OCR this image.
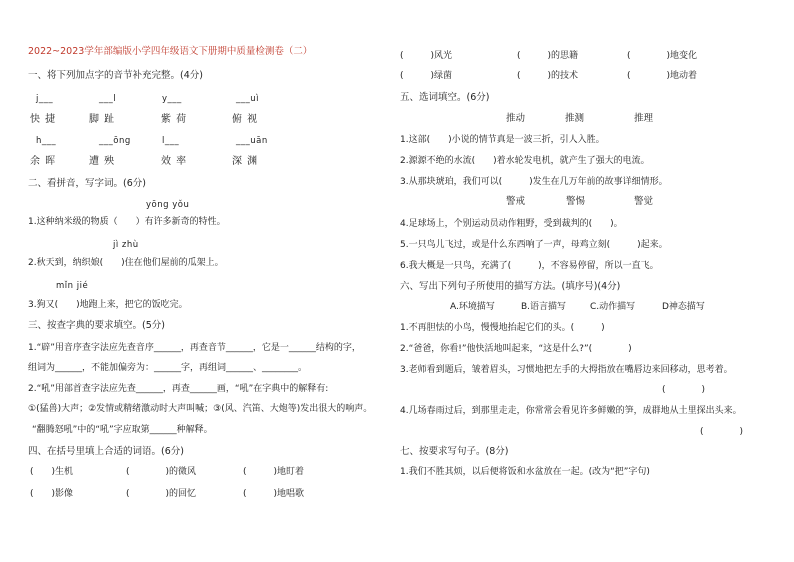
2022~2023学年部编版小学四年级语文下册期中质量检测卷（二）
一、将下列加点字的音节补充完整。(4分)
j___	___l	y___	___uì
快 捷	脚 趾	紫 荷	俯 视
h___	___ōng	l___	___uān
余 晖	遭 殃	效 率	深 渊
二、看拼音，写字词。(6分)
yōng yǒu
1.这种纳米级的物质（　　）有许多新奇的特性。
jì zhù
2.秋天到，纳织娘(　　)住在他们屋前的瓜架上。
mǐn jié
3.狗又(　　)地跑上来，把它的饭吃完。
三、按查字典的要求填空。(5分)
1.“辟”用音序查字法应先查音序______，再查音节______，它是一______结构的字，
组词为______，不能加偏旁为：______字，再组词______、________。
2.“吼”用部首查字法应先查______，再查______画，“吼”在字典中的解释有:
①(猛兽)大声；②发情或精绪激动时大声叫喊；③(风、汽笛、大炮等)发出很大的响声。
“翻腾怒吼”中的“吼”字应取第______种解释。
四、在括号里填上合适的词语。(6分)
(　　)生机	(　　　　)的微风	(　　　)地盯着
(　　)影像	(　　　　)的回忆	(　　　)地唱歌
(　　　)风光	(　　　)的思籍	(　　　　)地变化
(　　　)绿菌	(　　　)的技术	(　　　　)地动着
五、选词填空。(6分)
推动	推测	推理
1.这部(　　)小说的情节真是一波三折，引人入胜。
2.源源不绝的水流(　　)着水轮发电机，就产生了强大的电流。
3.从那块琥珀，我们可以(　　　)发生在几万年前的故事详细情形。
警戒	警惕	警觉
4.足球场上，个别运动员动作粗野，受到裁判的(　　)。
5.一只鸟儿飞过，或是什么东西响了一声，母鸡立刻(　　　)起来。
6.我大概是一只鸟，充满了(　　　)，不容易停留，所以一直飞。
六、写出下列句子所使用的描写方法。(填序号)(4分)
A.环境描写	B.语言描写	C.动作描写	D神态描写
1.不再胆怯的小鸟，慢慢地抬起它们的头。(　　　)
2.“爸爸，你看!”他快活地叫起来，“这是什么?”(　　　　)
3.老师看到题后，皱着眉头，习惯地把左手的大拇指放在嘴唇边来回移动，思考着。
(　　　　)
4.几场春雨过后，到那里走走，你常常会看见许多鲜嫩的笋，成群地从土里探出头来。
(　　　　)
七、按要求写句子。(8分)
1.我们不胜其烦，以后便将饭和水盆放在一起。(改为“把”字句)
